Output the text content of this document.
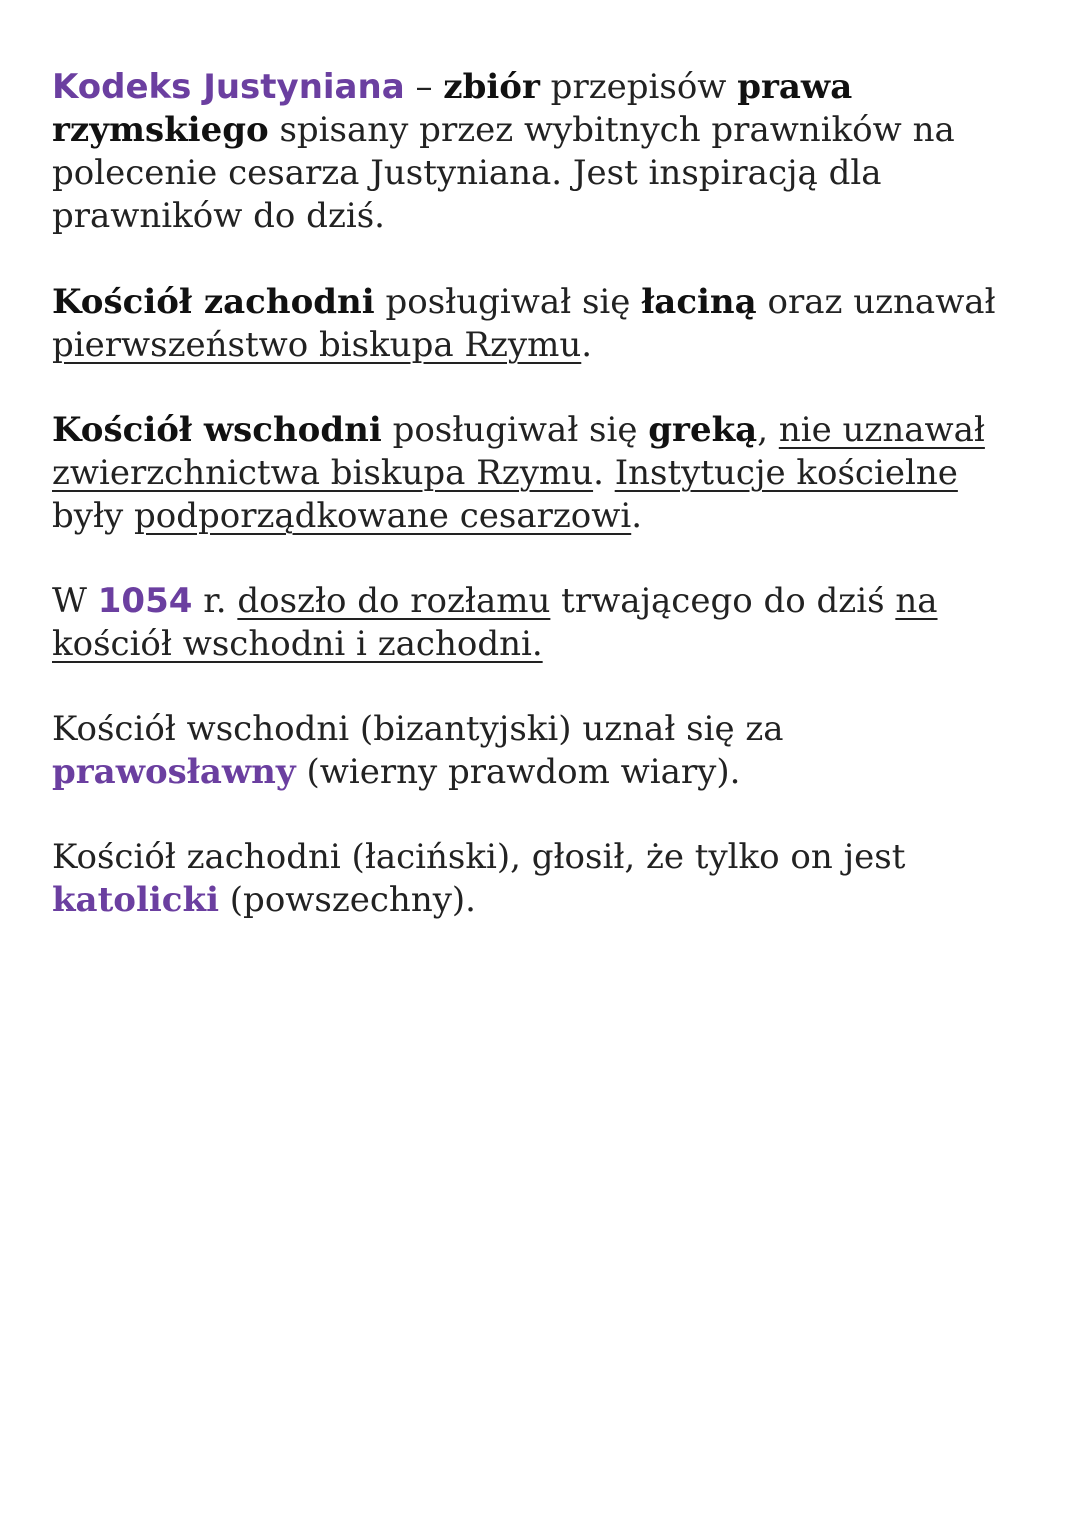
Kodeks Justyniana – zbiór przepisów prawa rzymskiego spisany przez wybitnych prawników na polecenie cesarza Justyniana. Jest inspiracją dla prawników do dziś.

Kościół zachodni posługiwał się łaciną oraz uznawał pierwszeństwo biskupa Rzymu.

Kościół wschodni posługiwał się greką, nie uznawał zwierzchnictwa biskupa Rzymu. Instytucje kościelne były podporządkowane cesarzowi.

W 1054 r. doszło do rozłamu trwającego do dziś na kościół wschodni i zachodni.

Kościół wschodni (bizantyjski) uznał się za prawosławny (wierny prawdom wiary).

Kościół zachodni (łaciński), głosił, że tylko on jest katolicki (powszechny).
